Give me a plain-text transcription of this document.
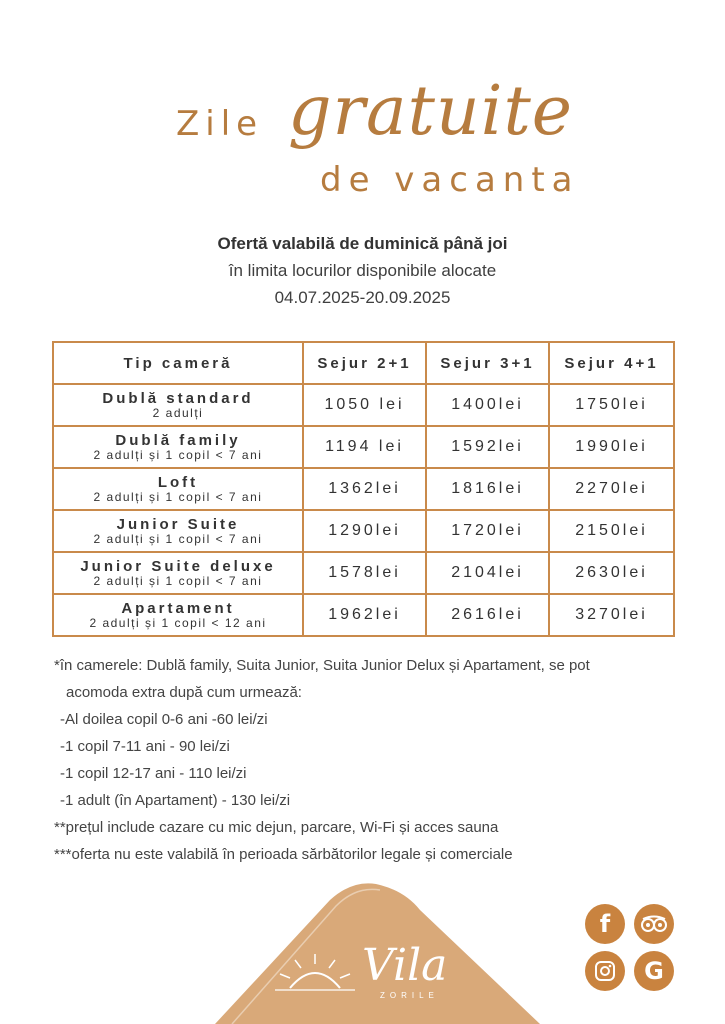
Zile gratuite
de vacanta
Ofertă valabilă de duminică până joi
în limita locurilor disponibile alocate
04.07.2025-20.09.2025
Tip cameră	Sejur 2+1	Sejur 3+1	Sejur 4+1

Dublă standard
2 adulți	1050 lei	1400lei	1750lei

Dublă family
2 adulți și 1 copil < 7 ani	1194 lei	1592lei	1990lei

Loft
2 adulți și 1 copil < 7 ani	1362lei	1816lei	2270lei

Junior Suite
2 adulți și 1 copil < 7 ani	1290lei	1720lei	2150lei

Junior Suite deluxe
2 adulți și 1 copil < 7 ani	1578lei	2104lei	2630lei

Apartament
2 adulți și 1 copil < 12 ani	1962lei	2616lei	3270lei
*în camerele: Dublă family, Suita Junior, Suita Junior Delux și Apartament, se pot
acomoda extra după cum urmează:
-Al doilea copil 0-6 ani -60 lei/zi
-1 copil 7-11 ani - 90 lei/zi
-1 copil 12-17 ani - 110 lei/zi
-1 adult (în Apartament) - 130 lei/zi
**prețul include cazare cu mic dejun, parcare, Wi-Fi și acces sauna
***oferta nu este valabilă în perioada sărbătorilor legale și comerciale
Vila
ZORILE
f
G
